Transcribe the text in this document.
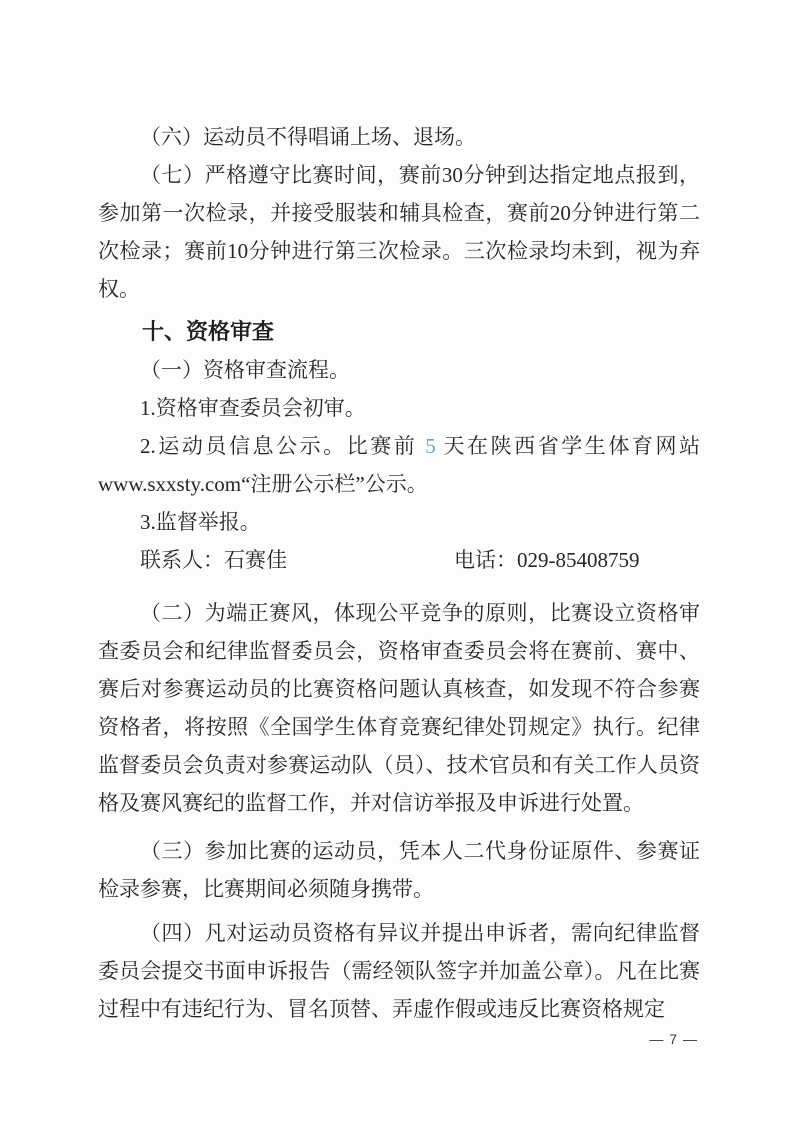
（六）运动员不得唱诵上场、退场。

（七）严格遵守比赛时间，赛前30分钟到达指定地点报到，参加第一次检录，并接受服装和辅具检查，赛前20分钟进行第二次检录；赛前10分钟进行第三次检录。三次检录均未到，视为弃权。

十、资格审查

（一）资格审查流程。

1.资格审查委员会初审。

2.运动员信息公示。比赛前 5 天在陕西省学生体育网站www.sxxsty.com“注册公示栏”公示。

3.监督举报。

联系人：石赛佳	电话：029-85408759

（二）为端正赛风，体现公平竞争的原则，比赛设立资格审查委员会和纪律监督委员会，资格审查委员会将在赛前、赛中、赛后对参赛运动员的比赛资格问题认真核查，如发现不符合参赛资格者，将按照《全国学生体育竞赛纪律处罚规定》执行。纪律监督委员会负责对参赛运动队（员）、技术官员和有关工作人员资格及赛风赛纪的监督工作，并对信访举报及申诉进行处置。

（三）参加比赛的运动员，凭本人二代身份证原件、参赛证检录参赛，比赛期间必须随身携带。

（四）凡对运动员资格有异议并提出申诉者，需向纪律监督委员会提交书面申诉报告（需经领队签字并加盖公章）。凡在比赛过程中有违纪行为、冒名顶替、弄虚作假或违反比赛资格规定

— 7 —
